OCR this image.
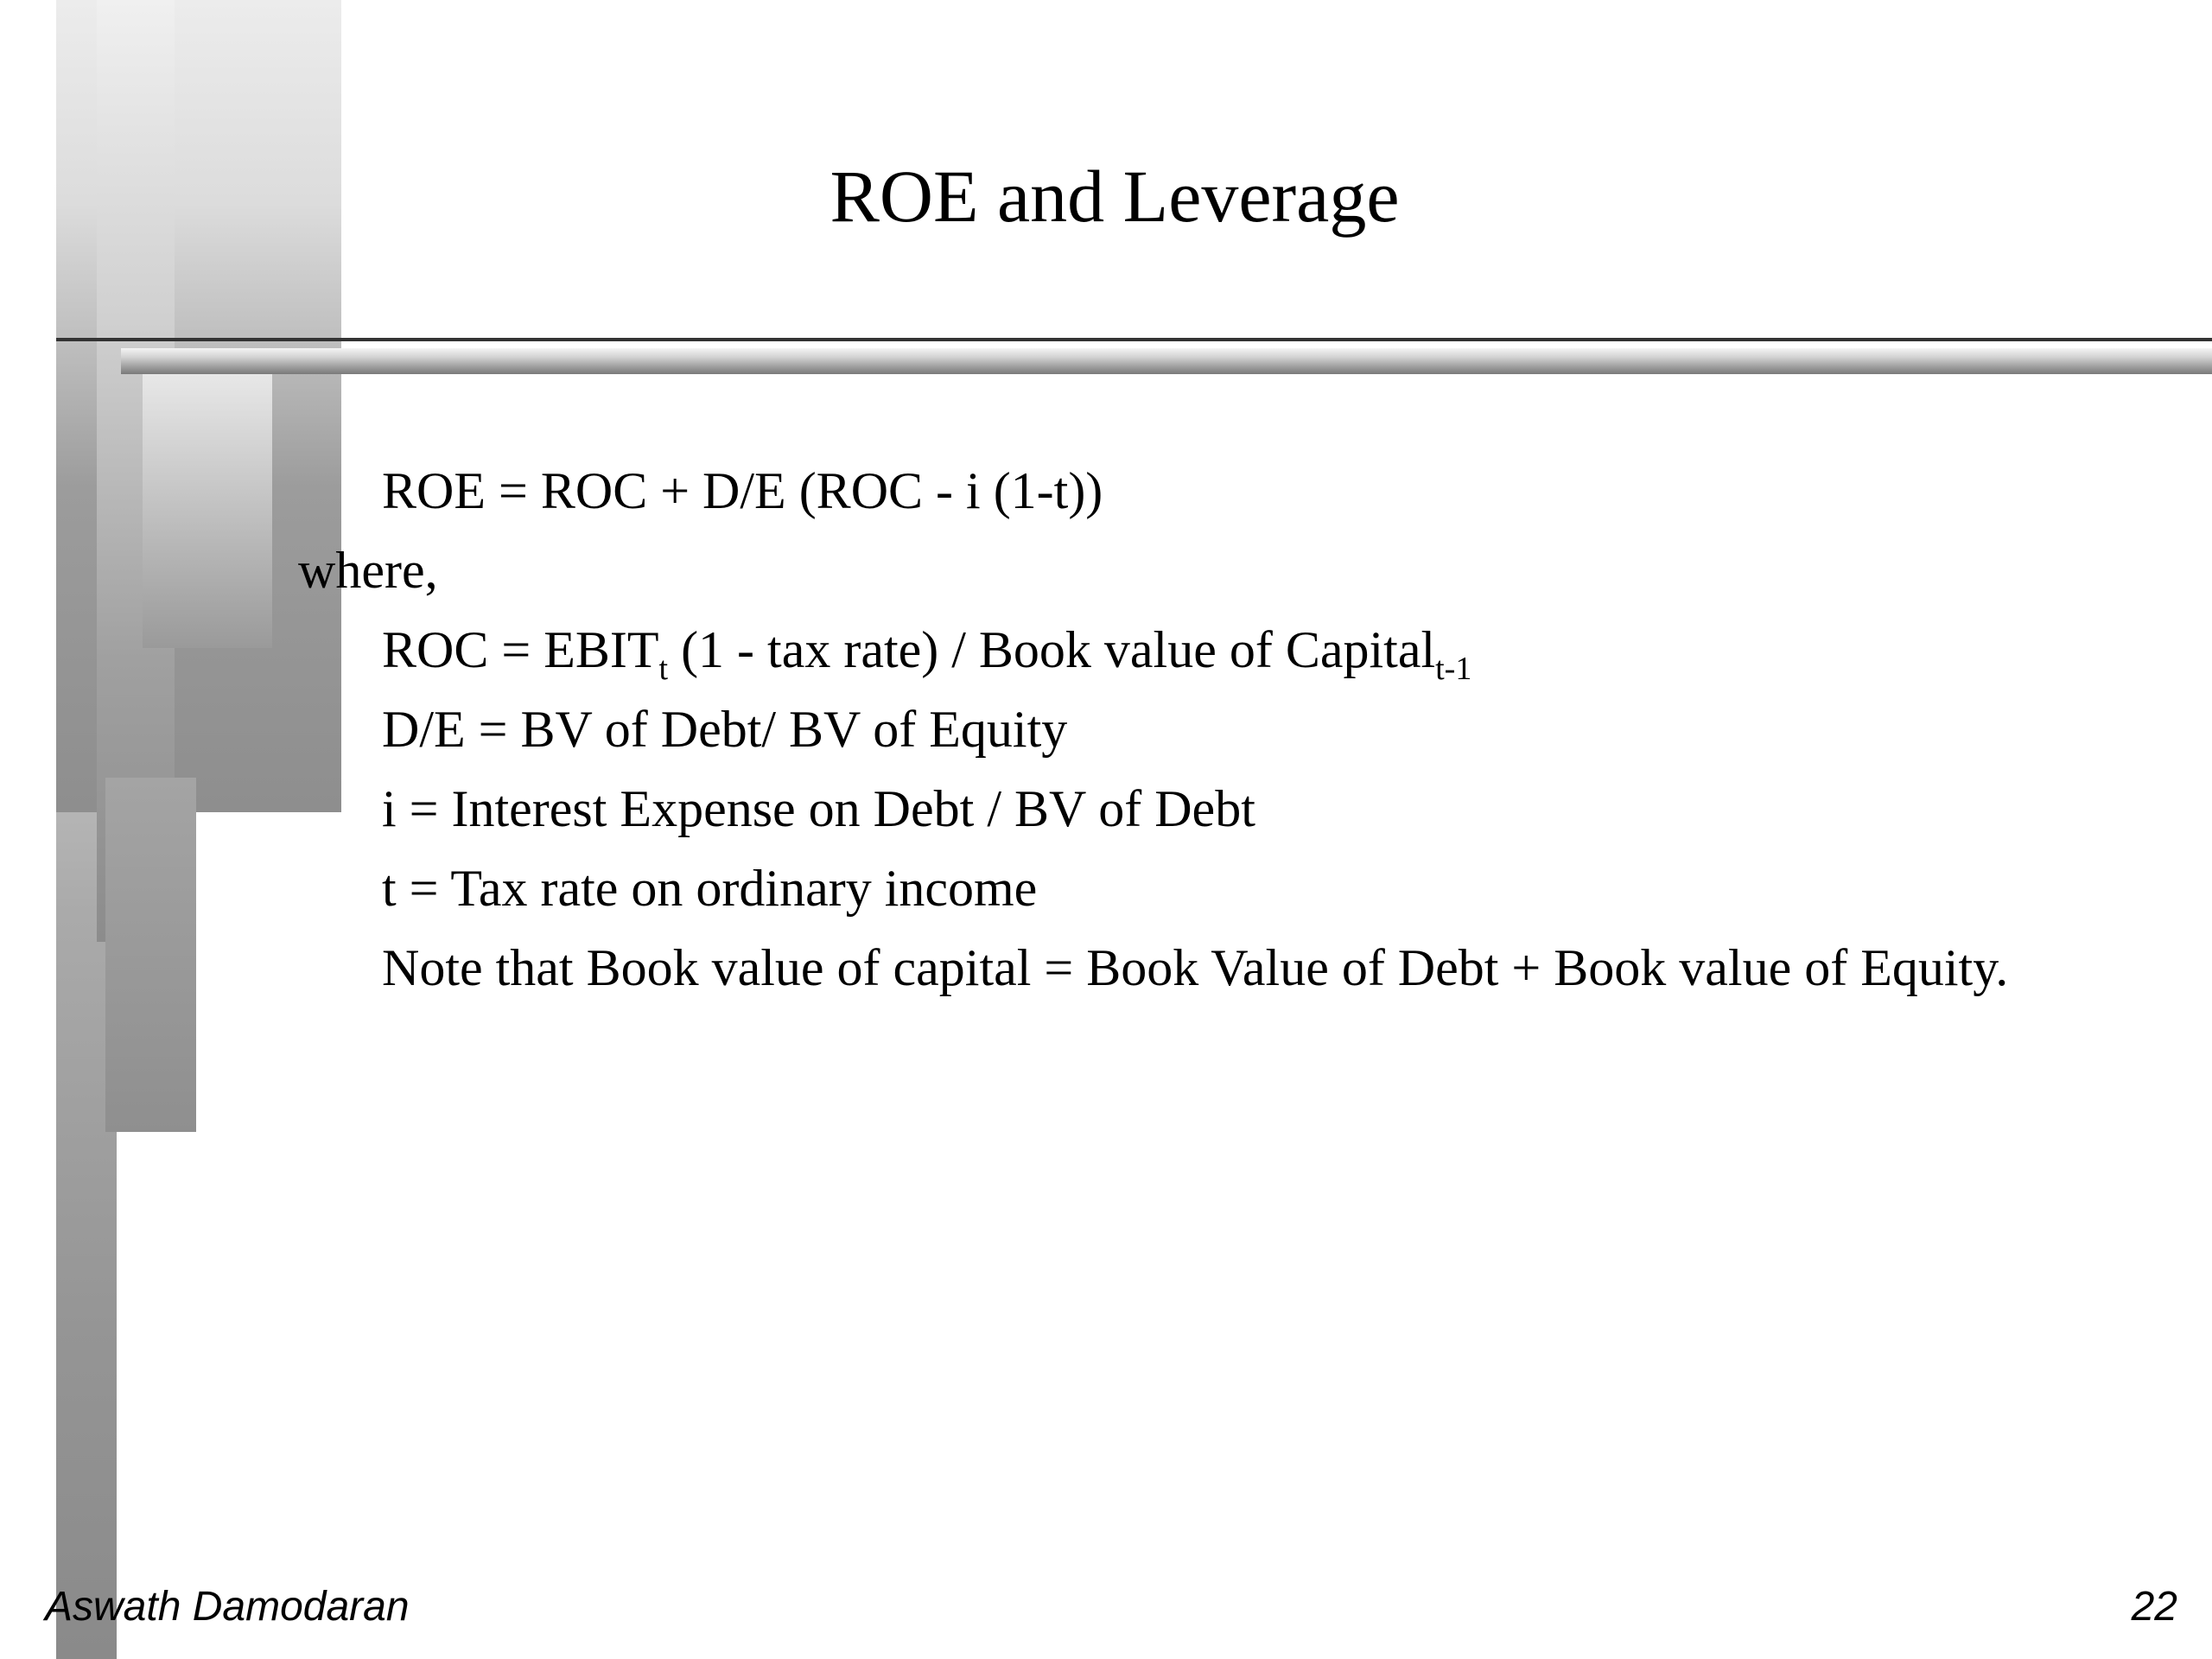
ROE and Leverage
ROE = ROC + D/E (ROC - i (1-t))
where,
ROC = $EBIT_t$ (1 - tax rate) / Book value of Capital$_{t-1}$
D/E = BV of Debt/ BV of Equity
i = Interest Expense on Debt / BV of Debt
t = Tax rate on ordinary income
Note that Book value of capital = Book Value of Debt + Book value of Equity.
Aswath Damodaran	22
